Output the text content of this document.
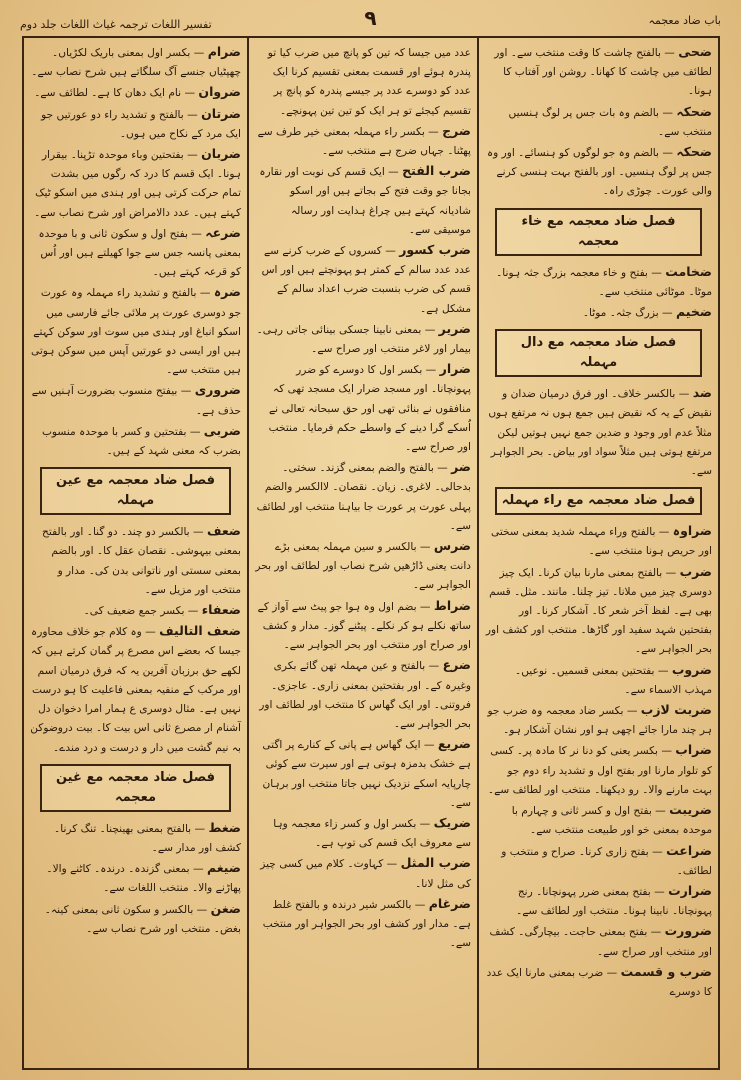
باب ضاد معجمہ
۹
تفسیر اللغات ترجمہ غیاث اللغات جلد دوم

ضحی — بالفتح چاشت کا وقت منتخب سے۔ اور لطائف میں چاشت کا کھانا۔ روشن اور آفتاب کا ہونا۔

ضحکہ — بالضم وہ بات جس پر لوگ ہنسیں منتخب سے۔

ضحکہ — بالضم وہ جو لوگوں کو ہنسائے۔ اور وہ جس پر لوگ ہنسیں۔ اور بالفتح بہت ہنسی کرنے والی عورت۔ چوڑی راہ۔

فصل ضاد معجمہ مع خاء معجمہ

ضخامت — بفتح و خاء معجمہ بزرگ جثہ ہونا۔ موٹا۔ موٹائی منتخب سے۔

ضخیم — بزرگ جثہ۔ موٹا۔

فصل ضاد معجمہ مع دال مہملہ

ضد — بالکسر خلاف۔ اور فرق درمیان ضدان و نقیض کے یہ کہ نقیض ہیں جمع ہوں نہ مرتفع ہوں مثلاً عدم اور وجود و ضدین جمع نہیں ہوتیں لیکن مرتفع ہوتی ہیں مثلاً سواد اور بیاض۔ بحر الجواہر سے۔

فصل ضاد معجمہ مع راء مہملہ

ضراوہ — بالفتح وراء مہملہ شدید بمعنی سختی اور حریص ہونا منتخب سے۔

ضرب — بالفتح بمعنی مارنا بیان کرنا۔ ایک چیز دوسری چیز میں ملانا۔ تیز چلنا۔ مانند۔ مثل۔ قسم بھی ہے۔ لفظ آخر شعر کا۔ آشکار کرنا۔ اور بفتحتین شہد سفید اور گاڑھا۔ منتخب اور کشف اور بحر الجواہر سے۔

ضروب — بفتحتین بمعنی قسمیں۔ نوعیں۔ مہذب الاسماء سے۔

ضربت لازب — بکسر ضاد معجمہ وہ ضرب جو ہر چند مارا جائے اچھی ہو اور نشان آشکار ہو۔

ضراب — بکسر یعنی کو دنا نر کا مادہ پر۔ کسی کو تلوار مارنا اور بفتح اول و تشدید راء دوم جو بہت مارنے والا۔ رو دیکھنا۔ منتخب اور لطائف سے۔

ضریبت — بفتح اول و کسر ثانی و چہارم با موحدہ بمعنی خو اور طبیعت منتخب سے۔

ضراعت — بفتح زاری کرنا۔ صراح و منتخب و لطائف۔

ضرارت — بفتح بمعنی ضرر پہونچانا۔ رنج پہونچانا۔ نابینا ہونا۔ منتخب اور لطائف سے۔

ضرورت — بفتح بمعنی حاجت۔ بیچارگی۔ کشف اور منتخب اور صراح سے۔

ضرب و قسمت — ضرب بمعنی مارنا ایک عدد کا دوسرے

عدد میں جیسا کہ تین کو پانچ میں ضرب کیا تو پندرہ ہوئے اور قسمت بمعنی تقسیم کرنا ایک عدد کو دوسرے عدد پر جیسے پندرہ کو پانچ پر تقسیم کیجئے تو ہر ایک کو تین تین پہونچے۔

ضرج — بکسر راء مہملہ بمعنی خیر طرف سے پھٹنا۔ جہاں ضرج ہے منتخب سے۔

ضرب الفتح — ایک قسم کی نوبت اور نقارہ بجانا جو وقت فتح کے بجاتے ہیں اور اسکو شادیانہ کہتے ہیں چراغ ہدایت اور رسالہ موسیقی سے۔

ضرب کسور — کسروں کے ضرب کرنے سے عدد عدد سالم کے کمتر ہو پہونچتے ہیں اور اس قسم کی ضرب بنسبت ضرب اعداد سالم کے مشکل ہے۔

ضریر — بمعنی نابینا جسکی بینائی جاتی رہی۔ بیمار اور لاغر منتخب اور صراح سے۔

ضرار — بکسر اول کا دوسرے کو ضرر پہونچانا۔ اور مسجد ضرار ایک مسجد تھی کہ منافقوں نے بنائی تھی اور حق سبحانہ تعالی نے اُسکے گرا دینے کے واسطے حکم فرمایا۔ منتخب اور صراح سے۔

ضر — بالفتح والضم بمعنی گزند۔ سختی۔ بدحالی۔ لاغری۔ زیان۔ نقصان۔ لاالکسر والضم پہلی عورت پر عورت جا بیاہنا منتخب اور لطائف سے۔

ضرس — بالکسر و سین مہملہ بمعنی بڑے دانت یعنی ڈاڑھیں شرح نصاب اور لطائف اور بحر الجواہر سے۔

ضراط — بضم اول وہ ہوا جو پیٹ سے آواز کے ساتھ نکلے ہو کر نکلے۔ پیٹنے گوز۔ مدار و کشف اور صراح اور منتخب اور بحر الجواہر سے۔

ضرع — بالفتح و عین مہملہ تھن گائے بکری وغیرہ کے۔ اور بفتحتین بمعنی زاری۔ عاجزی۔ فروتنی۔ اور ایک گھاس کا منتخب اور لطائف اور بحر الجواہر سے۔

ضریع — ایک گھاس ہے پانی کے کنارے پر اگتی ہے خشک بدمزہ ہوتی ہے اور سیرت سے کوئی چارپایہ اسکے نزدیک نہیں جاتا منتخب اور برہان سے۔

ضریک — بکسر اول و کسر زاء معجمہ وہا سے معروف ایک قسم کی توپ ہے۔

ضرب المثل — کہاوت۔ کلام میں کسی چیز کی مثل لانا۔

ضرغام — بالکسر شیر درندہ و بالفتح غلط ہے۔ مدار اور کشف اور بحر الجواہر اور منتخب سے۔

ضرام — بکسر اول بمعنی باریک لکڑیاں۔ چھپٹیاں جنسے آگ سلگاتے ہیں شرح نصاب سے۔

ضروان — نام ایک دھان کا ہے۔ لطائف سے۔

ضرتان — بالفتح و تشدید راء دو عورتیں جو ایک مرد کے نکاح میں ہوں۔

ضربان — بفتحتین وباء موحدہ تڑپنا۔ بیقرار ہونا۔ ایک قسم کا درد کہ رگوں میں بشدت تمام حرکت کرتی ہیں اور ہندی میں اسکو ٹیک کہتے ہیں۔ عدد دالامراض اور شرح نصاب سے۔

ضرعہ — بفتح اول و سکون ثانی و با موحدہ بمعنی پانسہ جس سے جوا کھیلتے ہیں اور اُس کو قرعہ کہتے ہیں۔

ضرہ — بالفتح و تشدید راء مہملہ وہ عورت جو دوسری عورت پر ملائی جائے فارسی میں اسکو انباغ اور ہندی میں سوت اور سوکن کہتے ہیں اور ایسی دو عورتیں آپس میں سوکن ہوتی ہیں منتخب سے۔

ضروری — بیفتح منسوب بضرورت آہنیں سے حذف ہے۔

ضربی — بفتحتین و کسر با موحدہ منسوب بضرب کہ معنی شہد کے ہیں۔

فصل ضاد معجمہ مع عین مہملہ

ضعف — بالکسر دو چند۔ دو گنا۔ اور بالفتح بمعنی بیہوشی۔ نقصان عقل کا۔ اور بالضم بمعنی سستی اور ناتوانی بدن کی۔ مدار و منتخب اور مزیل سے۔

ضعفاء — بکسر جمع ضعیف کی۔

ضعف التالیف — وہ کلام جو خلاف محاورہ جیسا کہ بعضے اس مصرع پر گمان کرتے ہیں کہ لکھے حق برزبان آفرین یہ کہ فرق درمیان اسم اور مرکب کے منفیہ بمعنی فاعلیت کا ہو درست نہیں ہے۔ مثال دوسری ع ہمار امرا دخوان دل آشنام ار مصرع ثانی اس بیت کا۔ بیت دروضوکن بہ نیم گشت میں دار و درست و درد مندے۔

فصل ضاد معجمہ مع غین معجمہ

ضغط — بالفتح بمعنی بھینچنا۔ تنگ کرنا۔ کشف اور مدار سے۔

ضیغم — بمعنی گزندہ۔ درندہ۔ کاٹنے والا۔ پھاڑنے والا۔ منتخب اللغات سے۔

ضغن — بالکسر و سکون ثانی بمعنی کینہ۔ بغض۔ منتخب اور شرح نصاب سے۔
